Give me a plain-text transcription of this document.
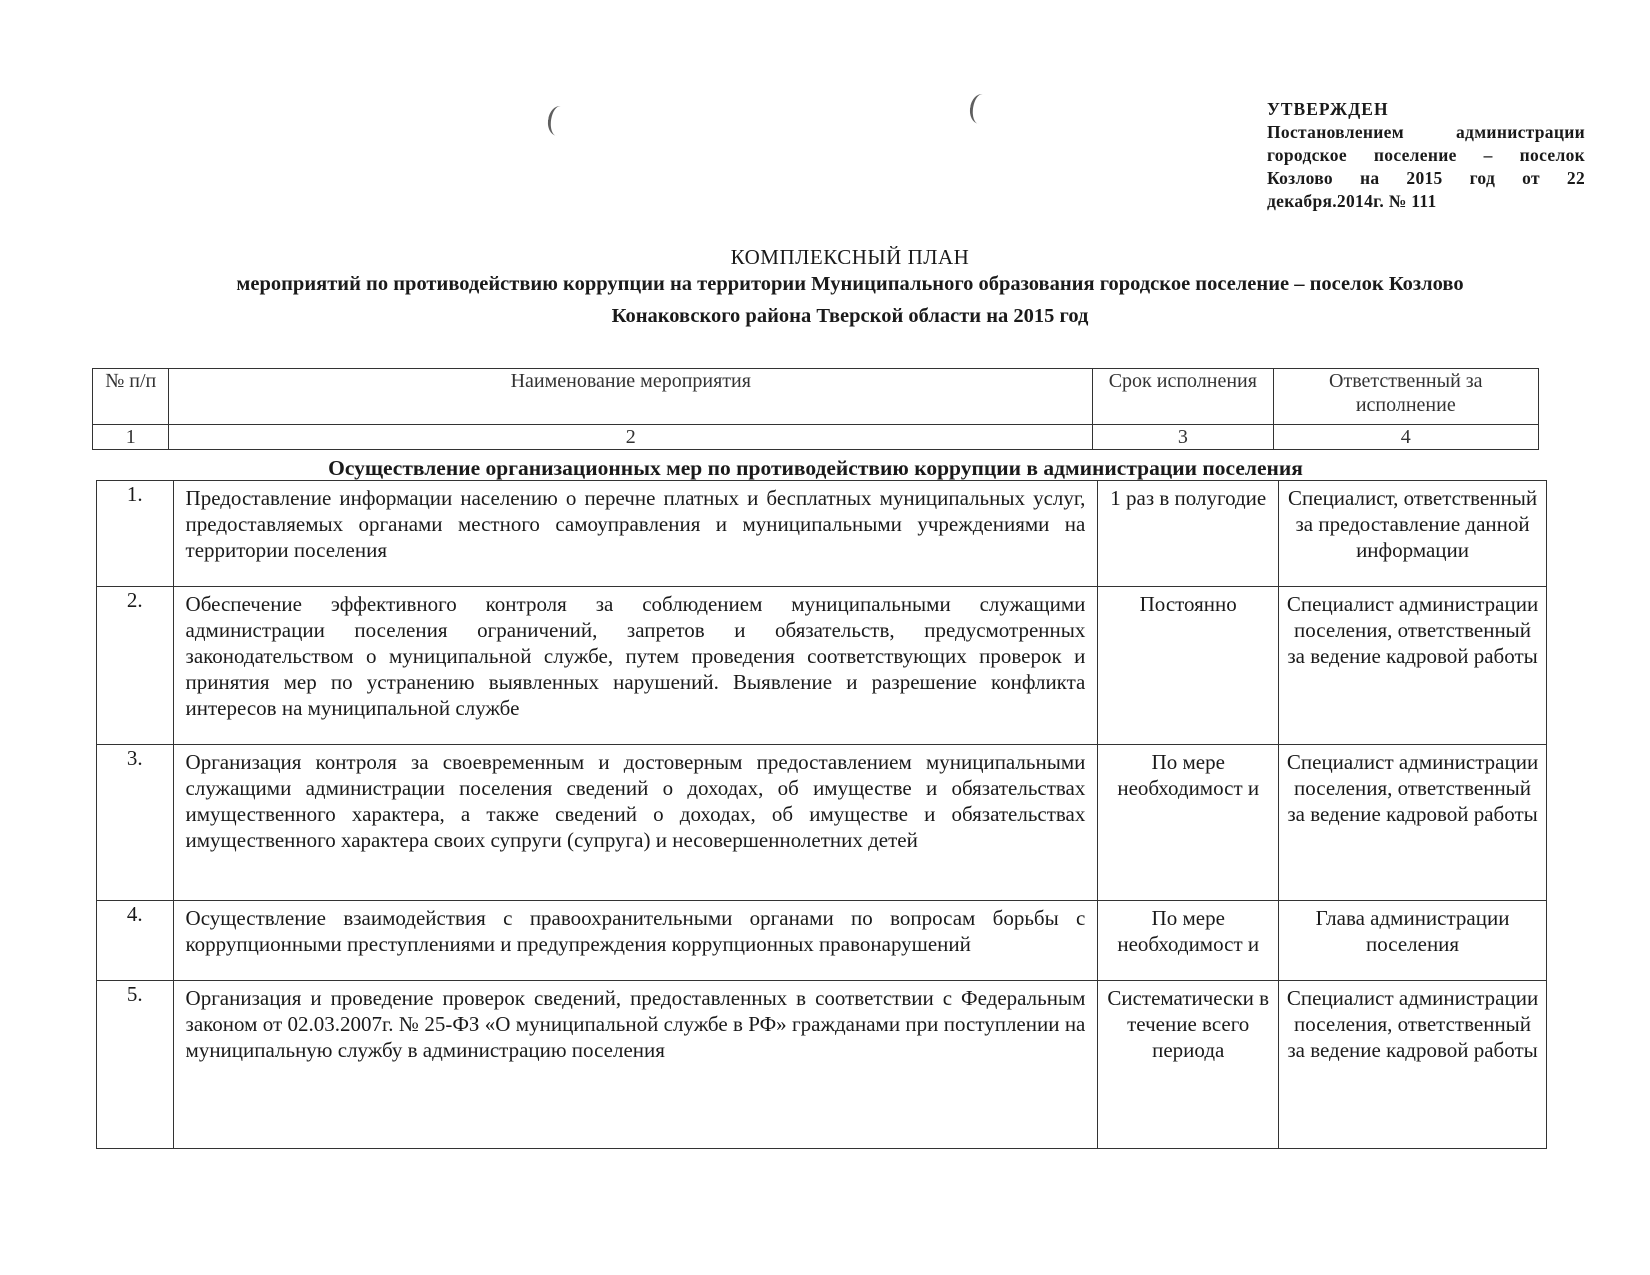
УТВЕРЖДЕН
Постановлением администрации городское поселение – поселок Козлово на 2015 год от 22 декабря.2014г. № 111
КОМПЛЕКСНЫЙ ПЛАН
мероприятий по противодействию коррупции на территории Муниципального образования городское поселение – поселок Козлово
Конаковского района Тверской области на 2015 год
№ п/п	Наименование мероприятия	Срок исполнения	Ответственный за исполнение
1	2	3	4
Осуществление организационных мер по противодействию коррупции в администрации поселения
1.	Предоставление информации населению о перечне платных и бесплатных муниципальных услуг, предоставляемых органами местного самоуправления и муниципальными учреждениями на территории поселения	1 раз в полугодие	Специалист, ответственный за предоставление данной информации
2.	Обеспечение эффективного контроля за соблюдением муниципальными служащими администрации поселения ограничений, запретов и обязательств, предусмотренных законодательством о муниципальной службе, путем проведения соответствующих проверок и принятия мер по устранению выявленных нарушений. Выявление и разрешение конфликта интересов на муниципальной службе	Постоянно	Специалист администрации поселения, ответственный за ведение кадровой работы
3.	Организация контроля за своевременным и достоверным предоставлением муниципальными служащими администрации поселения сведений о доходах, об имуществе и обязательствах имущественного характера, а также сведений о доходах, об имуществе и обязательствах имущественного характера своих супруги (супруга) и несовершеннолетних детей	По мере необходимост и	Специалист администрации поселения, ответственный за ведение кадровой работы
4.	Осуществление взаимодействия с правоохранительными органами по вопросам борьбы с коррупционными преступлениями и предупреждения коррупционных правонарушений	По мере необходимост и	Глава администрации поселения
5.	Организация и проведение проверок сведений, предоставленных в соответствии с Федеральным законом от 02.03.2007г. № 25-ФЗ «О муниципальной службе в РФ» гражданами при поступлении на муниципальную службу в администрацию поселения	Систематически в течение всего периода	Специалист администрации поселения, ответственный за ведение кадровой работы
